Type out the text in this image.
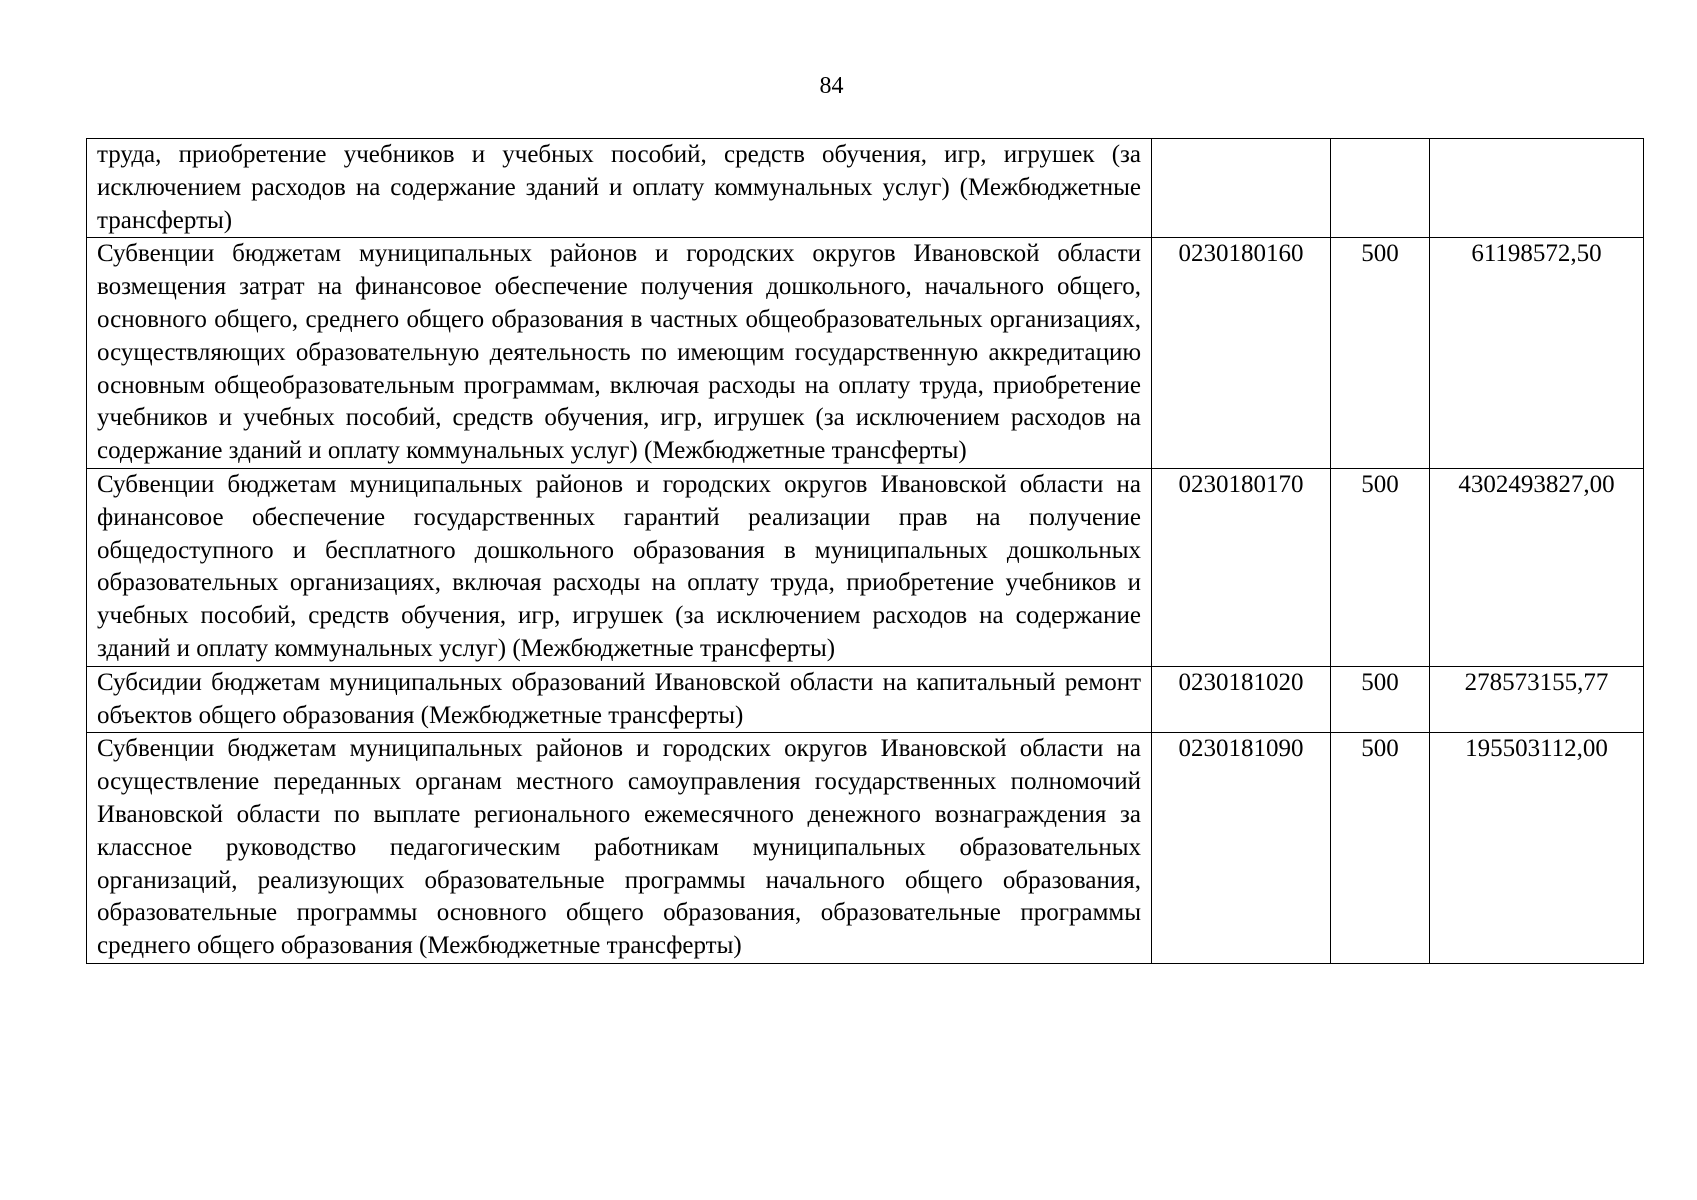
84
труда, приобретение учебников и учебных пособий, средств обучения, игр, игрушек (за исключением расходов на содержание зданий и оплату коммунальных услуг) (Межбюджетные трансферты)			
Субвенции бюджетам муниципальных районов и городских округов Ивановской области возмещения затрат на финансовое обеспечение получения дошкольного, начального общего, основного общего, среднего общего образования в частных общеобразовательных организациях, осуществляющих образовательную деятельность по имеющим государственную аккредитацию основным общеобразовательным программам, включая расходы на оплату труда, приобретение учебников и учебных пособий, средств обучения, игр, игрушек (за исключением расходов на содержание зданий и оплату коммунальных услуг) (Межбюджетные трансферты)	0230180160	500	61198572,50
Субвенции бюджетам муниципальных районов и городских округов Ивановской области на финансовое обеспечение государственных гарантий реализации прав на получение общедоступного и бесплатного дошкольного образования в муниципальных дошкольных образовательных организациях, включая расходы на оплату труда, приобретение учебников и учебных пособий, средств обучения, игр, игрушек (за исключением расходов на содержание зданий и оплату коммунальных услуг) (Межбюджетные трансферты)	0230180170	500	4302493827,00
Субсидии бюджетам муниципальных образований Ивановской области на капитальный ремонт объектов общего образования (Межбюджетные трансферты)	0230181020	500	278573155,77
Субвенции бюджетам муниципальных районов и городских округов Ивановской области на осуществление переданных органам местного самоуправления государственных полномочий Ивановской области по выплате регионального ежемесячного денежного вознаграждения за классное руководство педагогическим работникам муниципальных образовательных организаций, реализующих образовательные программы начального общего образования, образовательные программы основного общего образования, образовательные программы среднего общего образования (Межбюджетные трансферты)	0230181090	500	195503112,00
